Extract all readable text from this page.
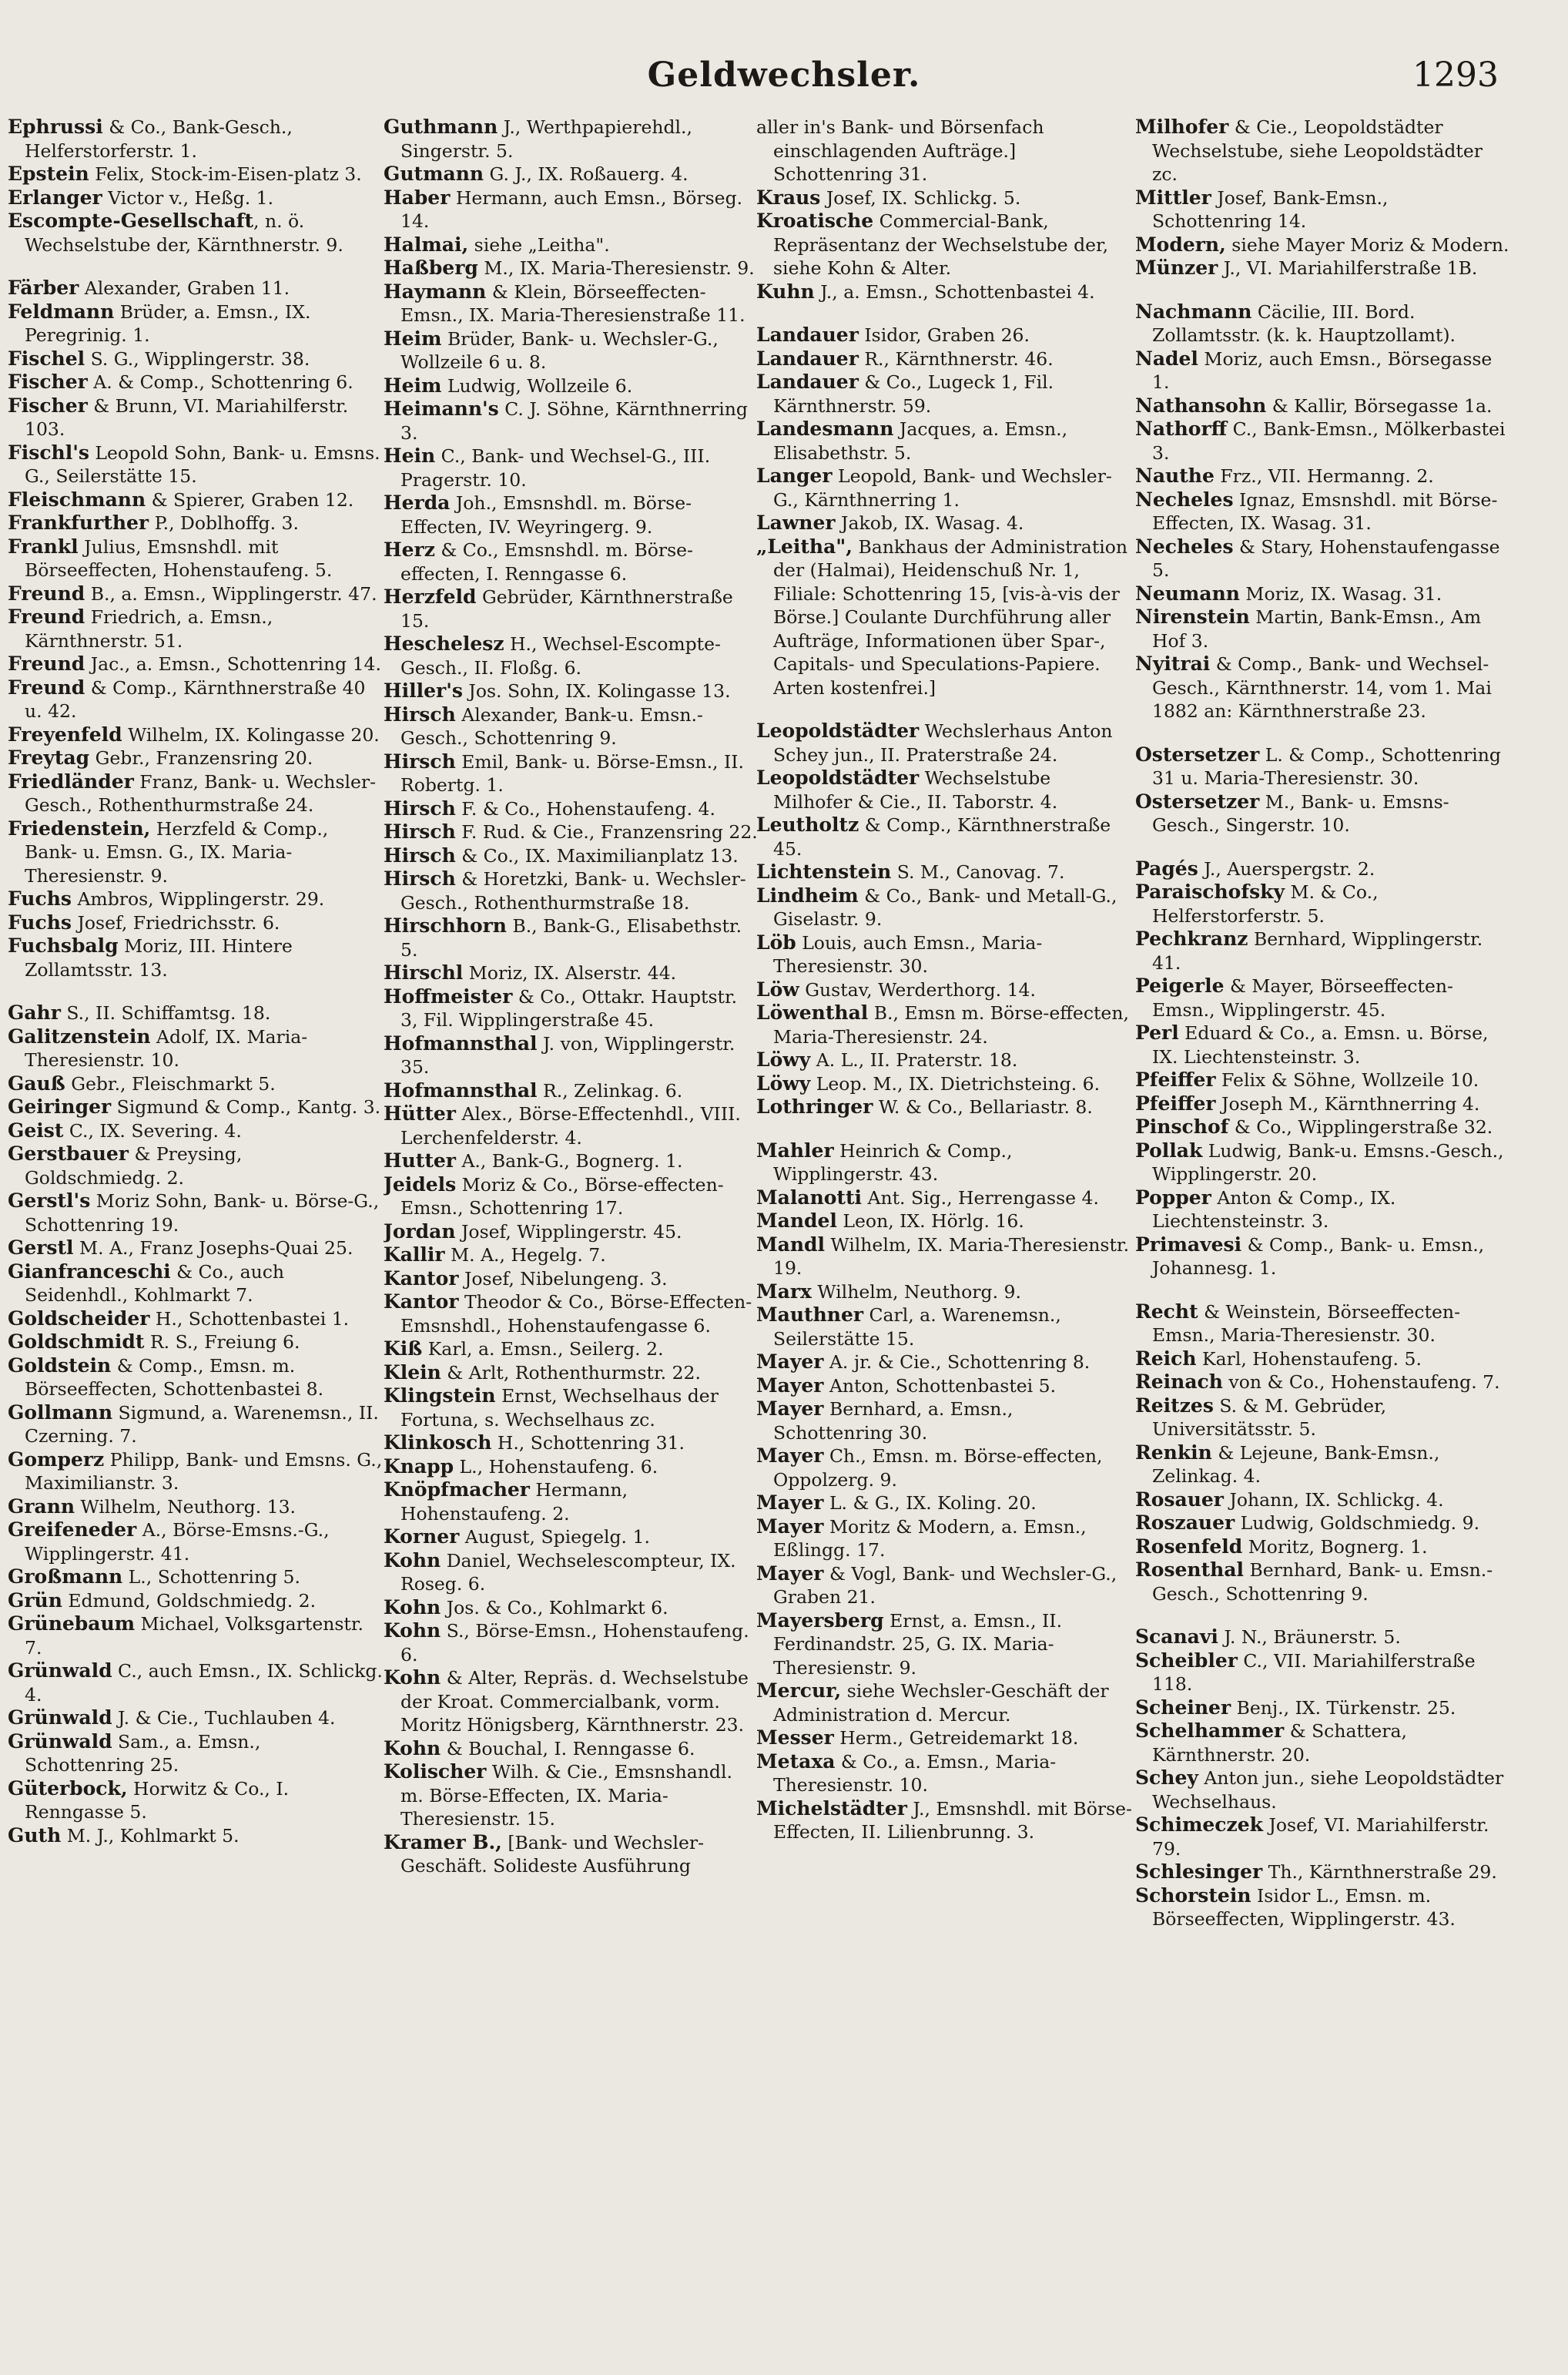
Geldwechsler.	1293

Ephrussi & Co., Bank-Gesch., Helferstorferstr. 1.

Epstein Felix, Stock-im-Eisen-platz 3.

Erlanger Victor v., Heßg. 1.

Escompte-Gesellschaft, n. ö. Wechselstube der, Kärnthnerstr. 9.

Färber Alexander, Graben 11.

Feldmann Brüder, a. Emsn., IX. Peregrinig. 1.

Fischel S. G., Wipplingerstr. 38.

Fischer A. & Comp., Schottenring 6.

Fischer & Brunn, VI. Mariahilferstr. 103.

Fischl's Leopold Sohn, Bank- u. Emsns. G., Seilerstätte 15.

Fleischmann & Spierer, Graben 12.

Frankfurther P., Doblhoffg. 3.

Frankl Julius, Emsnshdl. mit Börseeffecten, Hohenstaufeng. 5.

Freund B., a. Emsn., Wipplingerstr. 47.

Freund Friedrich, a. Emsn., Kärnthnerstr. 51.

Freund Jac., a. Emsn., Schottenring 14.

Freund & Comp., Kärnthnerstraße 40 u. 42.

Freyenfeld Wilhelm, IX. Kolingasse 20.

Freytag Gebr., Franzensring 20.

Friedländer Franz, Bank- u. Wechsler-Gesch., Rothenthurmstraße 24.

Friedenstein, Herzfeld & Comp., Bank- u. Emsn. G., IX. Maria-Theresienstr. 9.

Fuchs Ambros, Wipplingerstr. 29.

Fuchs Josef, Friedrichsstr. 6.

Fuchsbalg Moriz, III. Hintere Zollamtsstr. 13.

Gahr S., II. Schiffamtsg. 18.

Galitzenstein Adolf, IX. Maria-Theresienstr. 10.

Gauß Gebr., Fleischmarkt 5.

Geiringer Sigmund & Comp., Kantg. 3.

Geist C., IX. Severing. 4.

Gerstbauer & Preysing, Goldschmiedg. 2.

Gerstl's Moriz Sohn, Bank- u. Börse-G., Schottenring 19.

Gerstl M. A., Franz Josephs-Quai 25.

Gianfranceschi & Co., auch Seidenhdl., Kohlmarkt 7.

Goldscheider H., Schottenbastei 1.

Goldschmidt R. S., Freiung 6.

Goldstein & Comp., Emsn. m. Börseeffecten, Schottenbastei 8.

Gollmann Sigmund, a. Warenemsn., II. Czerning. 7.

Gomperz Philipp, Bank- und Emsns. G., Maximilianstr. 3.

Grann Wilhelm, Neuthorg. 13.

Greifeneder A., Börse-Emsns.-G., Wipplingerstr. 41.

Großmann L., Schottenring 5.

Grün Edmund, Goldschmiedg. 2.

Grünebaum Michael, Volksgartenstr. 7.

Grünwald C., auch Emsn., IX. Schlickg. 4.

Grünwald J. & Cie., Tuchlauben 4.

Grünwald Sam., a. Emsn., Schottenring 25.

Güterbock, Horwitz & Co., I. Renngasse 5.

Guth M. J., Kohlmarkt 5.

Guthmann J., Werthpapierehdl., Singerstr. 5.

Gutmann G. J., IX. Roßauerg. 4.

Haber Hermann, auch Emsn., Börseg. 14.

Halmai, siehe „Leitha".

Haßberg M., IX. Maria-Theresienstr. 9.

Haymann & Klein, Börseeffecten-Emsn., IX. Maria-Theresienstraße 11.

Heim Brüder, Bank- u. Wechsler-G., Wollzeile 6 u. 8.

Heim Ludwig, Wollzeile 6.

Heimann's C. J. Söhne, Kärnthnerring 3.

Hein C., Bank- und Wechsel-G., III. Pragerstr. 10.

Herda Joh., Emsnshdl. m. Börse-Effecten, IV. Weyringerg. 9.

Herz & Co., Emsnshdl. m. Börse-effecten, I. Renngasse 6.

Herzfeld Gebrüder, Kärnthnerstraße 15.

Heschelesz H., Wechsel-Escompte-Gesch., II. Floßg. 6.

Hiller's Jos. Sohn, IX. Kolingasse 13.

Hirsch Alexander, Bank-u. Emsn.-Gesch., Schottenring 9.

Hirsch Emil, Bank- u. Börse-Emsn., II. Robertg. 1.

Hirsch F. & Co., Hohenstaufeng. 4.

Hirsch F. Rud. & Cie., Franzensring 22.

Hirsch & Co., IX. Maximilianplatz 13.

Hirsch & Horetzki, Bank- u. Wechsler-Gesch., Rothenthurmstraße 18.

Hirschhorn B., Bank-G., Elisabethstr. 5.

Hirschl Moriz, IX. Alserstr. 44.

Hoffmeister & Co., Ottakr. Hauptstr. 3, Fil. Wipplingerstraße 45.

Hofmannsthal J. von, Wipplingerstr. 35.

Hofmannsthal R., Zelinkag. 6.

Hütter Alex., Börse-Effectenhdl., VIII. Lerchenfelderstr. 4.

Hutter A., Bank-G., Bognerg. 1.

Jeidels Moriz & Co., Börse-effecten-Emsn., Schottenring 17.

Jordan Josef, Wipplingerstr. 45.

Kallir M. A., Hegelg. 7.

Kantor Josef, Nibelungeng. 3.

Kantor Theodor & Co., Börse-Effecten-Emsnshdl., Hohenstaufengasse 6.

Kiß Karl, a. Emsn., Seilerg. 2.

Klein & Arlt, Rothenthurmstr. 22.

Klingstein Ernst, Wechselhaus der Fortuna, s. Wechselhaus zc.

Klinkosch H., Schottenring 31.

Knapp L., Hohenstaufeng. 6.

Knöpfmacher Hermann, Hohenstaufeng. 2.

Korner August, Spiegelg. 1.

Kohn Daniel, Wechselescompteur, IX. Roseg. 6.

Kohn Jos. & Co., Kohlmarkt 6.

Kohn S., Börse-Emsn., Hohenstaufeng. 6.

Kohn & Alter, Repräs. d. Wechselstube der Kroat. Commercialbank, vorm. Moritz Hönigsberg, Kärnthnerstr. 23.

Kohn & Bouchal, I. Renngasse 6.

Kolischer Wilh. & Cie., Emsnshandl. m. Börse-Effecten, IX. Maria-Theresienstr. 15.

Kramer B., [Bank- und Wechsler-Geschäft. Solideste Ausführung

aller in's Bank- und Börsenfach einschlagenden Aufträge.] Schottenring 31.

Kraus Josef, IX. Schlickg. 5.

Kroatische Commercial-Bank, Repräsentanz der Wechselstube der, siehe Kohn & Alter.

Kuhn J., a. Emsn., Schottenbastei 4.

Landauer Isidor, Graben 26.

Landauer R., Kärnthnerstr. 46.

Landauer & Co., Lugeck 1, Fil. Kärnthnerstr. 59.

Landesmann Jacques, a. Emsn., Elisabethstr. 5.

Langer Leopold, Bank- und Wechsler-G., Kärnthnerring 1.

Lawner Jakob, IX. Wasag. 4.

„Leitha", Bankhaus der Administration der (Halmai), Heidenschuß Nr. 1, Filiale: Schottenring 15, [vis-à-vis der Börse.] Coulante Durchführung aller Aufträge, Informationen über Spar-, Capitals- und Speculations-Papiere. Arten kostenfrei.]

Leopoldstädter Wechslerhaus Anton Schey jun., II. Praterstraße 24.

Leopoldstädter Wechselstube Milhofer & Cie., II. Taborstr. 4.

Leutholtz & Comp., Kärnthnerstraße 45.

Lichtenstein S. M., Canovag. 7.

Lindheim & Co., Bank- und Metall-G., Giselastr. 9.

Löb Louis, auch Emsn., Maria-Theresienstr. 30.

Löw Gustav, Werderthorg. 14.

Löwenthal B., Emsn m. Börse-effecten, Maria-Theresienstr. 24.

Löwy A. L., II. Praterstr. 18.

Löwy Leop. M., IX. Dietrichsteing. 6.

Lothringer W. & Co., Bellariastr. 8.

Mahler Heinrich & Comp., Wipplingerstr. 43.

Malanotti Ant. Sig., Herrengasse 4.

Mandel Leon, IX. Hörlg. 16.

Mandl Wilhelm, IX. Maria-Theresienstr. 19.

Marx Wilhelm, Neuthorg. 9.

Mauthner Carl, a. Warenemsn., Seilerstätte 15.

Mayer A. jr. & Cie., Schottenring 8.

Mayer Anton, Schottenbastei 5.

Mayer Bernhard, a. Emsn., Schottenring 30.

Mayer Ch., Emsn. m. Börse-effecten, Oppolzerg. 9.

Mayer L. & G., IX. Koling. 20.

Mayer Moritz & Modern, a. Emsn., Eßlingg. 17.

Mayer & Vogl, Bank- und Wechsler-G., Graben 21.

Mayersberg Ernst, a. Emsn., II. Ferdinandstr. 25, G. IX. Maria-Theresienstr. 9.

Mercur, siehe Wechsler-Geschäft der Administration d. Mercur.

Messer Herm., Getreidemarkt 18.

Metaxa & Co., a. Emsn., Maria-Theresienstr. 10.

Michelstädter J., Emsnshdl. mit Börse-Effecten, II. Lilienbrunng. 3.

Milhofer & Cie., Leopoldstädter Wechselstube, siehe Leopoldstädter zc.

Mittler Josef, Bank-Emsn., Schottenring 14.

Modern, siehe Mayer Moriz & Modern.

Münzer J., VI. Mariahilferstraße 1B.

Nachmann Cäcilie, III. Bord. Zollamtsstr. (k. k. Hauptzollamt).

Nadel Moriz, auch Emsn., Börsegasse 1.

Nathansohn & Kallir, Börsegasse 1a.

Nathorff C., Bank-Emsn., Mölkerbastei 3.

Nauthe Frz., VII. Hermanng. 2.

Necheles Ignaz, Emsnshdl. mit Börse-Effecten, IX. Wasag. 31.

Necheles & Stary, Hohenstaufengasse 5.

Neumann Moriz, IX. Wasag. 31.

Nirenstein Martin, Bank-Emsn., Am Hof 3.

Nyitrai & Comp., Bank- und Wechsel-Gesch., Kärnthnerstr. 14, vom 1. Mai 1882 an: Kärnthnerstraße 23.

Ostersetzer L. & Comp., Schottenring 31 u. Maria-Theresienstr. 30.

Ostersetzer M., Bank- u. Emsns-Gesch., Singerstr. 10.

Pagés J., Auerspergstr. 2.

Paraischofsky M. & Co., Helferstorferstr. 5.

Pechkranz Bernhard, Wipplingerstr. 41.

Peigerle & Mayer, Börseeffecten-Emsn., Wipplingerstr. 45.

Perl Eduard & Co., a. Emsn. u. Börse, IX. Liechtensteinstr. 3.

Pfeiffer Felix & Söhne, Wollzeile 10.

Pfeiffer Joseph M., Kärnthnerring 4.

Pinschof & Co., Wipplingerstraße 32.

Pollak Ludwig, Bank-u. Emsns.-Gesch., Wipplingerstr. 20.

Popper Anton & Comp., IX. Liechtensteinstr. 3.

Primavesi & Comp., Bank- u. Emsn., Johannesg. 1.

Recht & Weinstein, Börseeffecten-Emsn., Maria-Theresienstr. 30.

Reich Karl, Hohenstaufeng. 5.

Reinach von & Co., Hohenstaufeng. 7.

Reitzes S. & M. Gebrüder, Universitätsstr. 5.

Renkin & Lejeune, Bank-Emsn., Zelinkag. 4.

Rosauer Johann, IX. Schlickg. 4.

Roszauer Ludwig, Goldschmiedg. 9.

Rosenfeld Moritz, Bognerg. 1.

Rosenthal Bernhard, Bank- u. Emsn.-Gesch., Schottenring 9.

Scanavi J. N., Bräunerstr. 5.

Scheibler C., VII. Mariahilferstraße 118.

Scheiner Benj., IX. Türkenstr. 25.

Schelhammer & Schattera, Kärnthnerstr. 20.

Schey Anton jun., siehe Leopoldstädter Wechselhaus.

Schimeczek Josef, VI. Mariahilferstr. 79.

Schlesinger Th., Kärnthnerstraße 29.

Schorstein Isidor L., Emsn. m. Börseeffecten, Wipplingerstr. 43.
